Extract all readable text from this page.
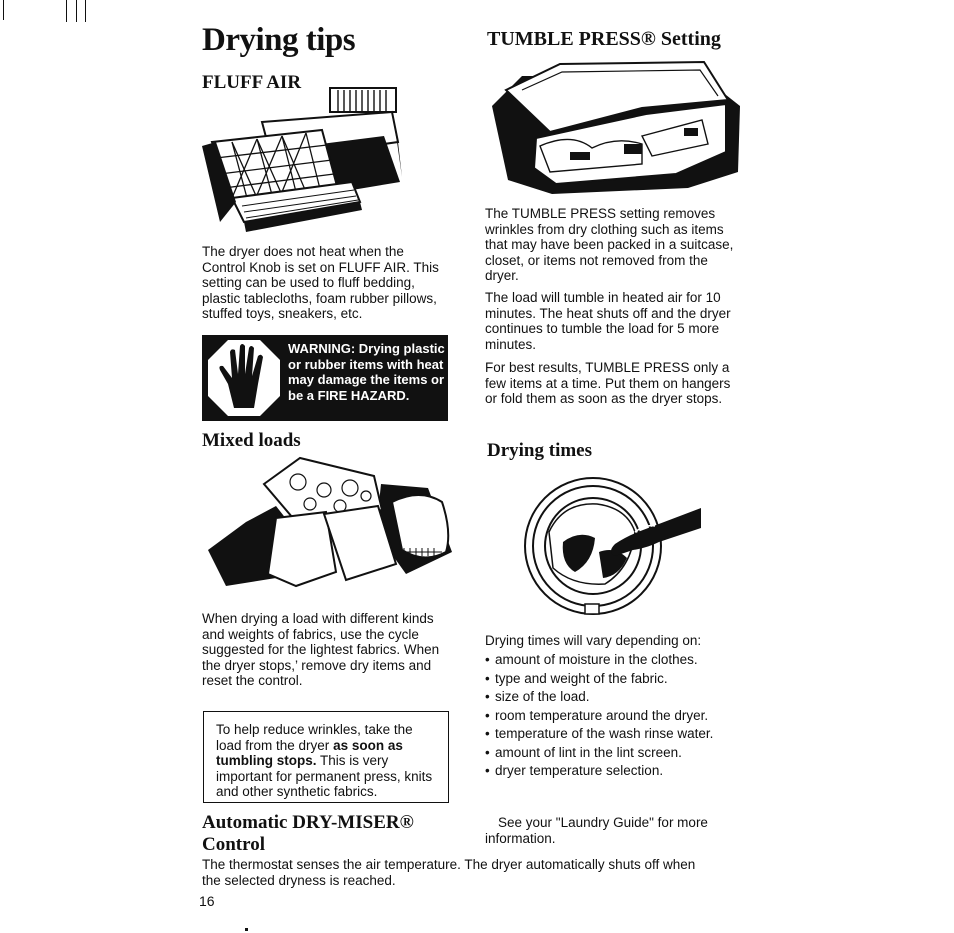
Drying tips
FLUFF AIR
The dryer does not heat when the Control Knob is set on FLUFF AIR. This setting can be used to fluff bedding, plastic tablecloths, foam rubber pillows, stuffed toys, sneakers, etc.
WARNING: Drying plastic or rubber items with heat may damage the items or be a FIRE HAZARD.
Mixed loads
When drying a load with different kinds and weights of fabrics, use the cycle suggested for the lightest fabrics. When the dryer stops,’ remove dry items and reset the control.
To help reduce wrinkles, take the load from the dryer as soon as tumbling stops. This is very important for permanent press, knits and other synthetic fabrics.
Automatic DRY-MISER®
Control
The thermostat senses the air temperature. The dryer automatically shuts off when the selected dryness is reached.
16
TUMBLE PRESS® Setting
The TUMBLE PRESS setting removes wrinkles from dry clothing such as items that may have been packed in a suitcase, closet, or items not removed from the dryer.
The load will tumble in heated air for 10 minutes. The heat shuts off and the dryer continues to tumble the load for 5 more minutes.
For best results, TUMBLE PRESS only a few items at a time. Put them on hangers or fold them as soon as the dryer stops.
Drying times
Drying times will vary depending on:
• amount of moisture in the clothes.
• type and weight of the fabric.
• size of the load.
• room temperature around the dryer.
• temperature of the wash rinse water.
• amount of lint in the lint screen.
• dryer temperature selection.
See your "Laundry Guide" for more information.
